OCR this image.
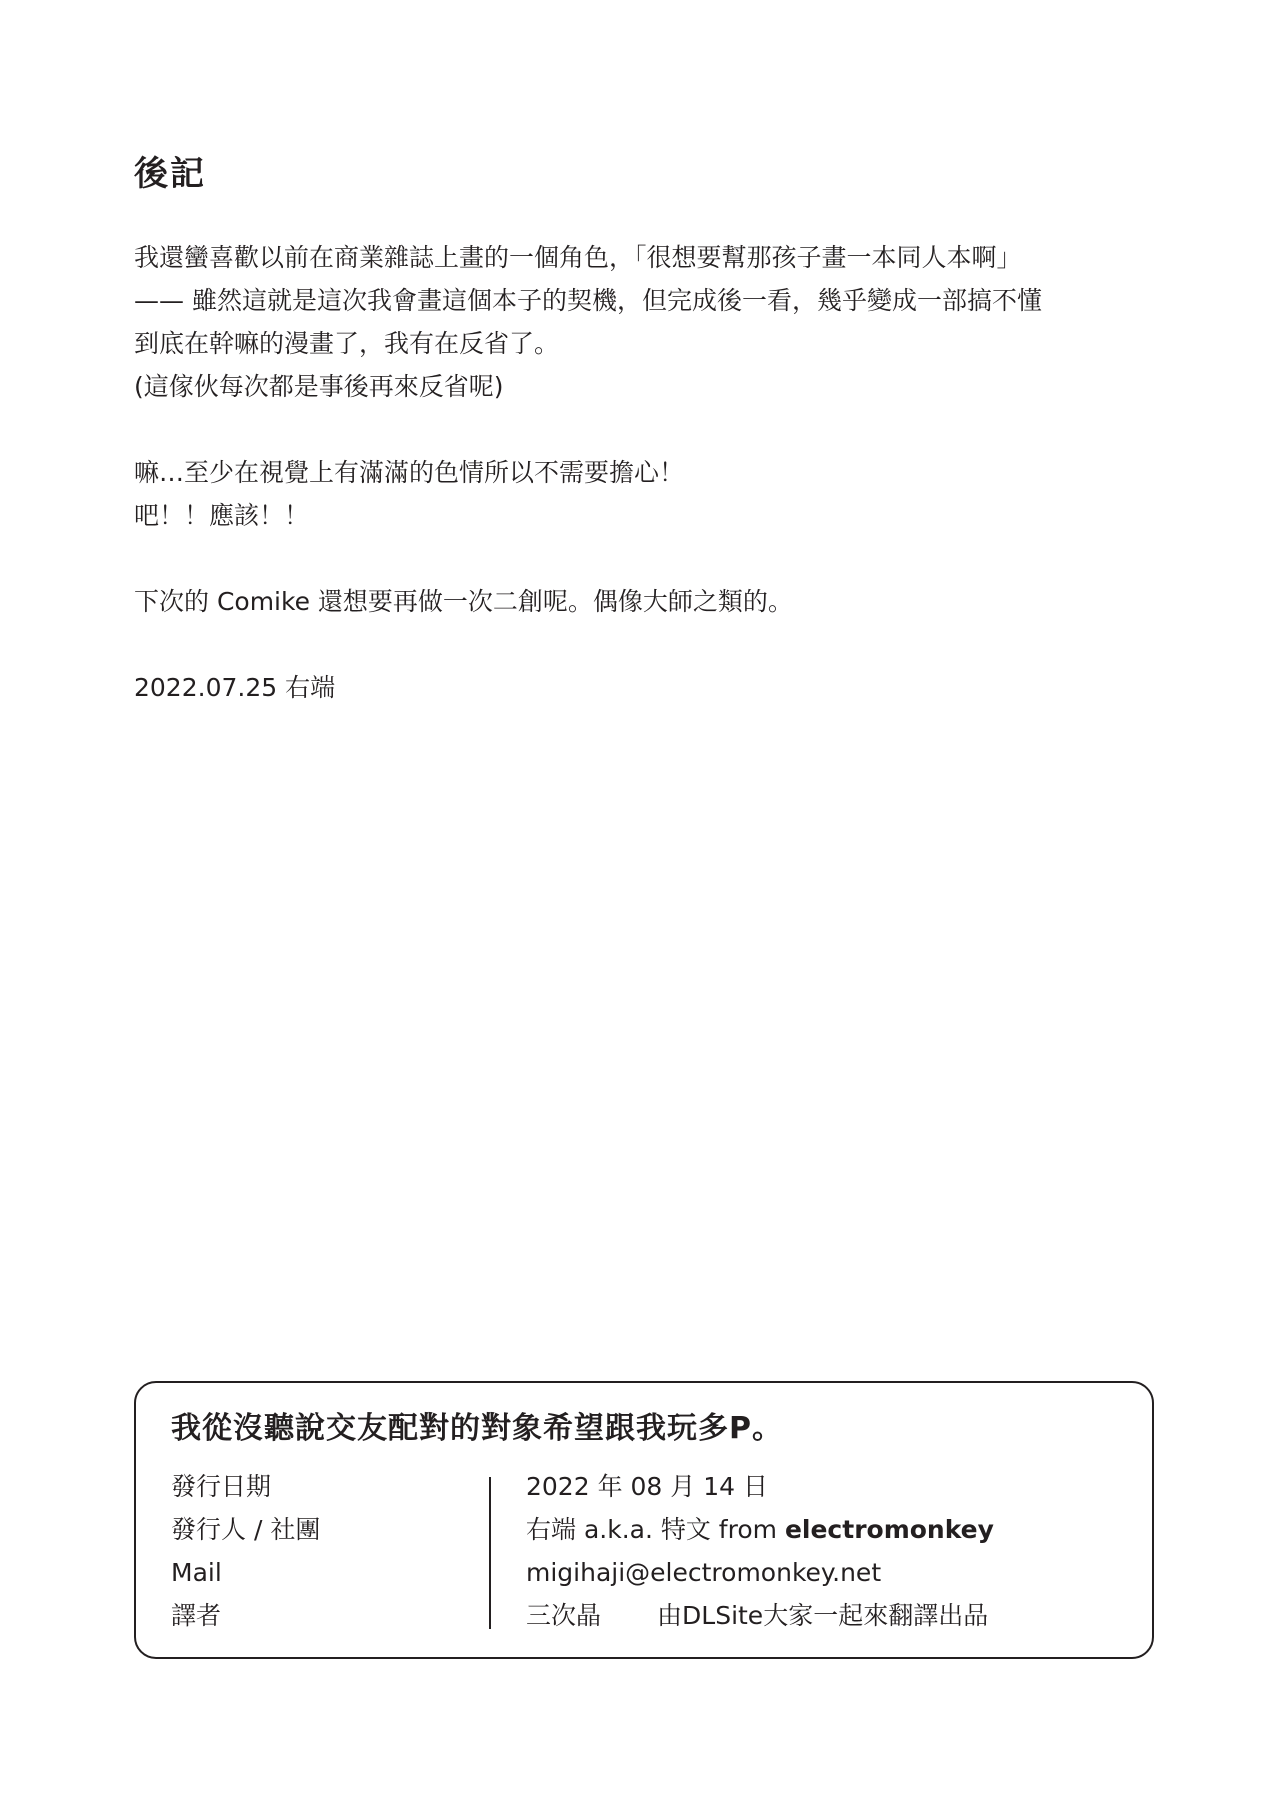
後記

我還蠻喜歡以前在商業雜誌上畫的一個角色，「很想要幫那孩子畫一本同人本啊」
—— 雖然這就是這次我會畫這個本子的契機，但完成後一看，幾乎變成一部搞不懂
到底在幹嘛的漫畫了，我有在反省了。
(這傢伙每次都是事後再來反省呢)

嘛…至少在視覺上有滿滿的色情所以不需要擔心！
吧！！應該！！

下次的 Comike 還想要再做一次二創呢。偶像大師之類的。

2022.07.25 右端

我從沒聽說交友配對的對象希望跟我玩多P。
發行日期	2022 年 08 月 14 日
發行人 / 社團	右端 a.k.a. 特文 from electromonkey
Mail	migihaji@electromonkey.net
譯者	三次晶 由DLSite大家一起來翻譯出品
